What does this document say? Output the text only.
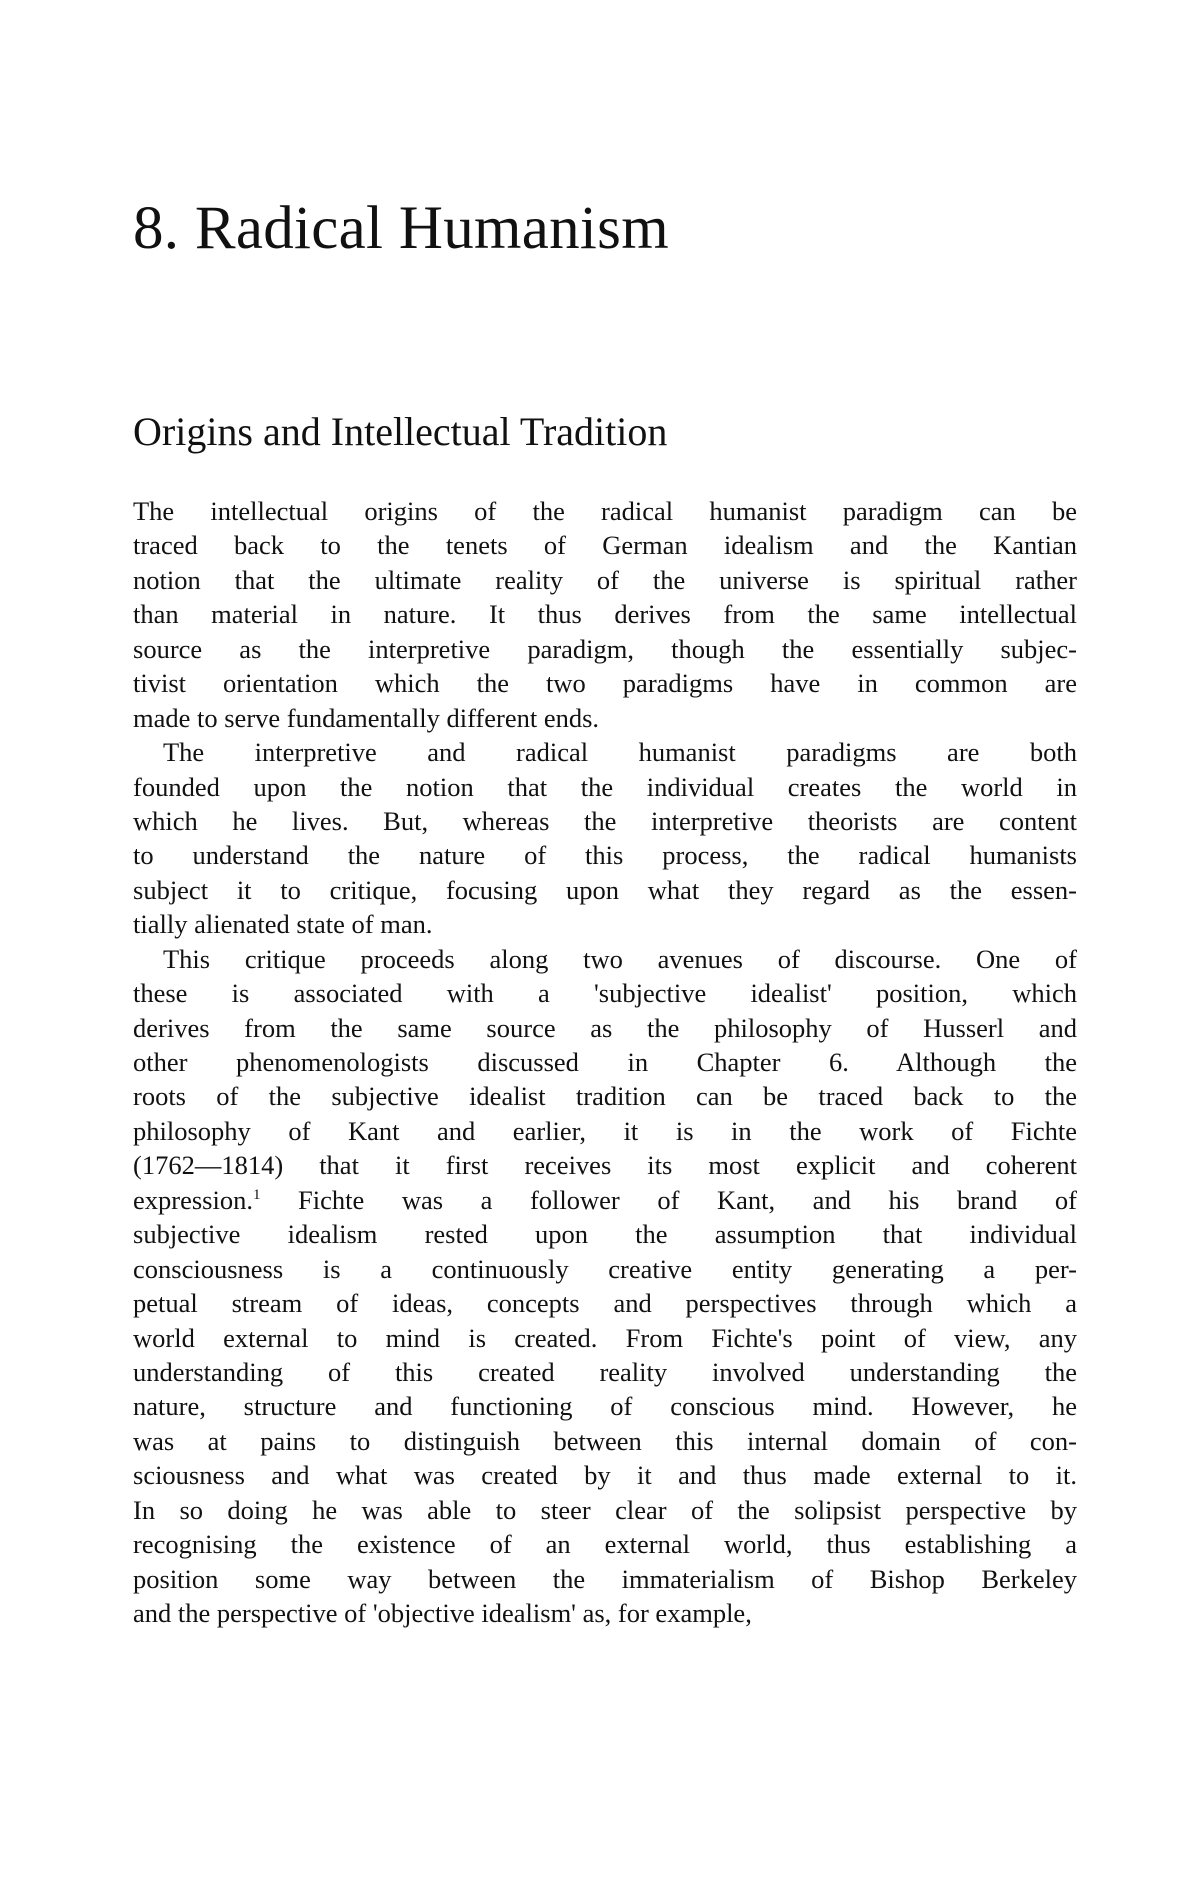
8. Radical Humanism
Origins and Intellectual Tradition
The intellectual origins of the radical humanist paradigm can be
traced back to the tenets of German idealism and the Kantian
notion that the ultimate reality of the universe is spiritual rather
than material in nature. It thus derives from the same intellectual
source as the interpretive paradigm, though the essentially subjec-
tivist orientation which the two paradigms have in common are
made to serve fundamentally different ends.
The interpretive and radical humanist paradigms are both
founded upon the notion that the individual creates the world in
which he lives. But, whereas the interpretive theorists are content
to understand the nature of this process, the radical humanists
subject it to critique, focusing upon what they regard as the essen-
tially alienated state of man.
This critique proceeds along two avenues of discourse. One of
these is associated with a 'subjective idealist' position, which
derives from the same source as the philosophy of Husserl and
other phenomenologists discussed in Chapter 6. Although the
roots of the subjective idealist tradition can be traced back to the
philosophy of Kant and earlier, it is in the work of Fichte
(1762—1814) that it first receives its most explicit and coherent
expression.$^1$ Fichte was a follower of Kant, and his brand of
subjective idealism rested upon the assumption that individual
consciousness is a continuously creative entity generating a per-
petual stream of ideas, concepts and perspectives through which a
world external to mind is created. From Fichte's point of view, any
understanding of this created reality involved understanding the
nature, structure and functioning of conscious mind. However, he
was at pains to distinguish between this internal domain of con-
sciousness and what was created by it and thus made external to it.
In so doing he was able to steer clear of the solipsist perspective by
recognising the existence of an external world, thus establishing a
position some way between the immaterialism of Bishop Berkeley
and the perspective of 'objective idealism' as, for example,
